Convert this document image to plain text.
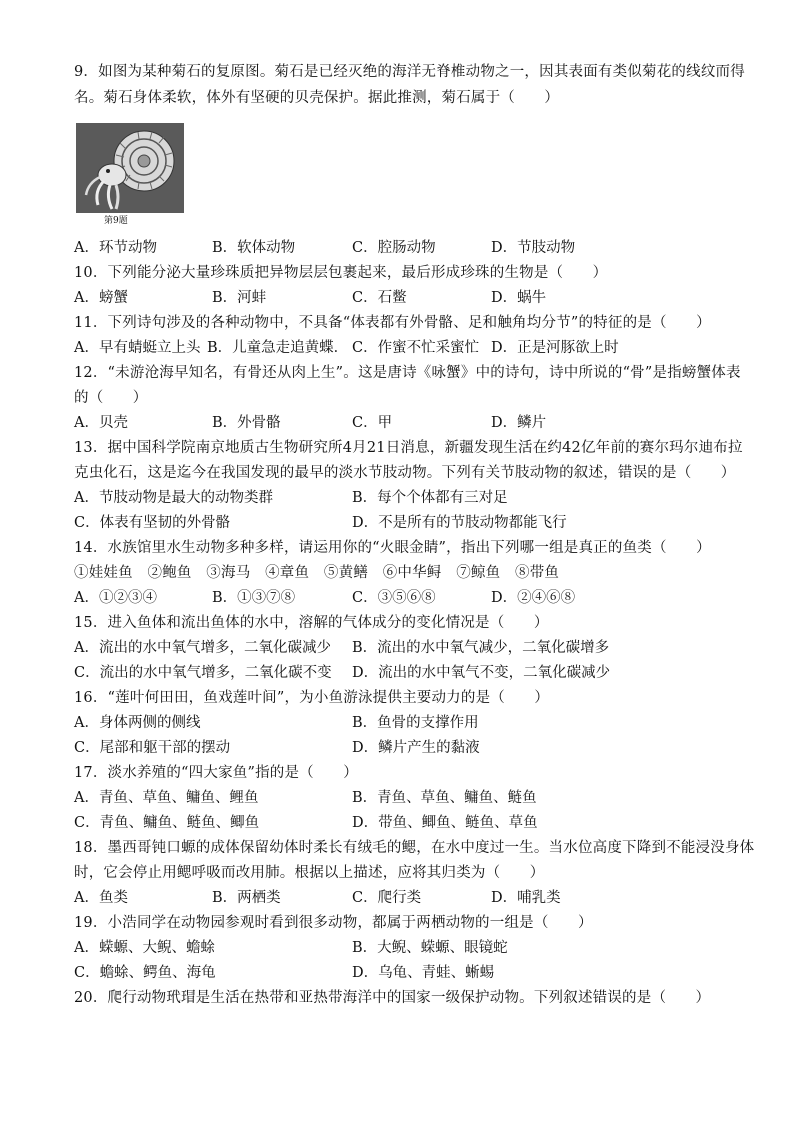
9．如图为某种菊石的复原图。菊石是已经灭绝的海洋无脊椎动物之一，因其表面有类似菊花的线纹而得
名。菊石身体柔软，体外有坚硬的贝壳保护。据此推测，菊石属于（　　）
第9题
A．环节动物	B．软体动物	C．腔肠动物	D．节肢动物
10．下列能分泌大量珍珠质把异物层层包裹起来，最后形成珍珠的生物是（　　）
A．螃蟹	B．河蚌	C．石鳖	D．蜗牛
11．下列诗句涉及的各种动物中，不具备“体表都有外骨骼、足和触角均分节”的特征的是（　　）
A．早有蜻蜓立上头 B．儿童急走追黄蝶． C．作蜜不忙采蜜忙 D．正是河豚欲上时
12．“未游沧海早知名，有骨还从肉上生”。这是唐诗《咏蟹》中的诗句，诗中所说的“骨”是指螃蟹体表
的（　　）
A．贝壳	B．外骨骼	C．甲	D．鳞片
13．据中国科学院南京地质古生物研究所4月21日消息，新疆发现生活在约42亿年前的赛尔玛尔迪布拉
克虫化石，这是迄今在我国发现的最早的淡水节肢动物。下列有关节肢动物的叙述，错误的是（　　）
A．节肢动物是最大的动物类群	B．每个个体都有三对足
C．体表有坚韧的外骨骼	D．不是所有的节肢动物都能飞行
14．水族馆里水生动物多种多样，请运用你的“火眼金睛”，指出下列哪一组是真正的鱼类（　　）
①娃娃鱼　②鲍鱼　③海马　④章鱼　⑤黄鳝　⑥中华鲟　⑦鲸鱼　⑧带鱼
A．①②③④	B．①③⑦⑧	C．③⑤⑥⑧	D．②④⑥⑧
15．进入鱼体和流出鱼体的水中，溶解的气体成分的变化情况是（　　）
A．流出的水中氧气增多，二氧化碳减少 B．流出的水中氧气减少，二氧化碳增多
C．流出的水中氧气增多，二氧化碳不变 D．流出的水中氧气不变，二氧化碳减少
16．“莲叶何田田，鱼戏莲叶间”，为小鱼游泳提供主要动力的是（　　）
A．身体两侧的侧线	B．鱼骨的支撑作用
C．尾部和躯干部的摆动	D．鳞片产生的黏液
17．淡水养殖的“四大家鱼”指的是（　　）
A．青鱼、草鱼、鳙鱼、鲤鱼	B．青鱼、草鱼、鳙鱼、鲢鱼
C．青鱼、鳙鱼、鲢鱼、鲫鱼	D．带鱼、鲫鱼、鲢鱼、草鱼
18．墨西哥钝口螈的成体保留幼体时柔长有绒毛的鳃，在水中度过一生。当水位高度下降到不能浸没身体
时，它会停止用鳃呼吸而改用肺。根据以上描述，应将其归类为（　　）
A．鱼类	B．两栖类	C．爬行类	D．哺乳类
19．小浩同学在动物园参观时看到很多动物，都属于两栖动物的一组是（　　）
A．蝾螈、大鲵、蟾蜍	B．大鲵、蝾螈、眼镜蛇
C．蟾蜍、鳄鱼、海龟	D．乌龟、青蛙、蜥蜴
20．爬行动物玳瑁是生活在热带和亚热带海洋中的国家一级保护动物。下列叙述错误的是（　　）
